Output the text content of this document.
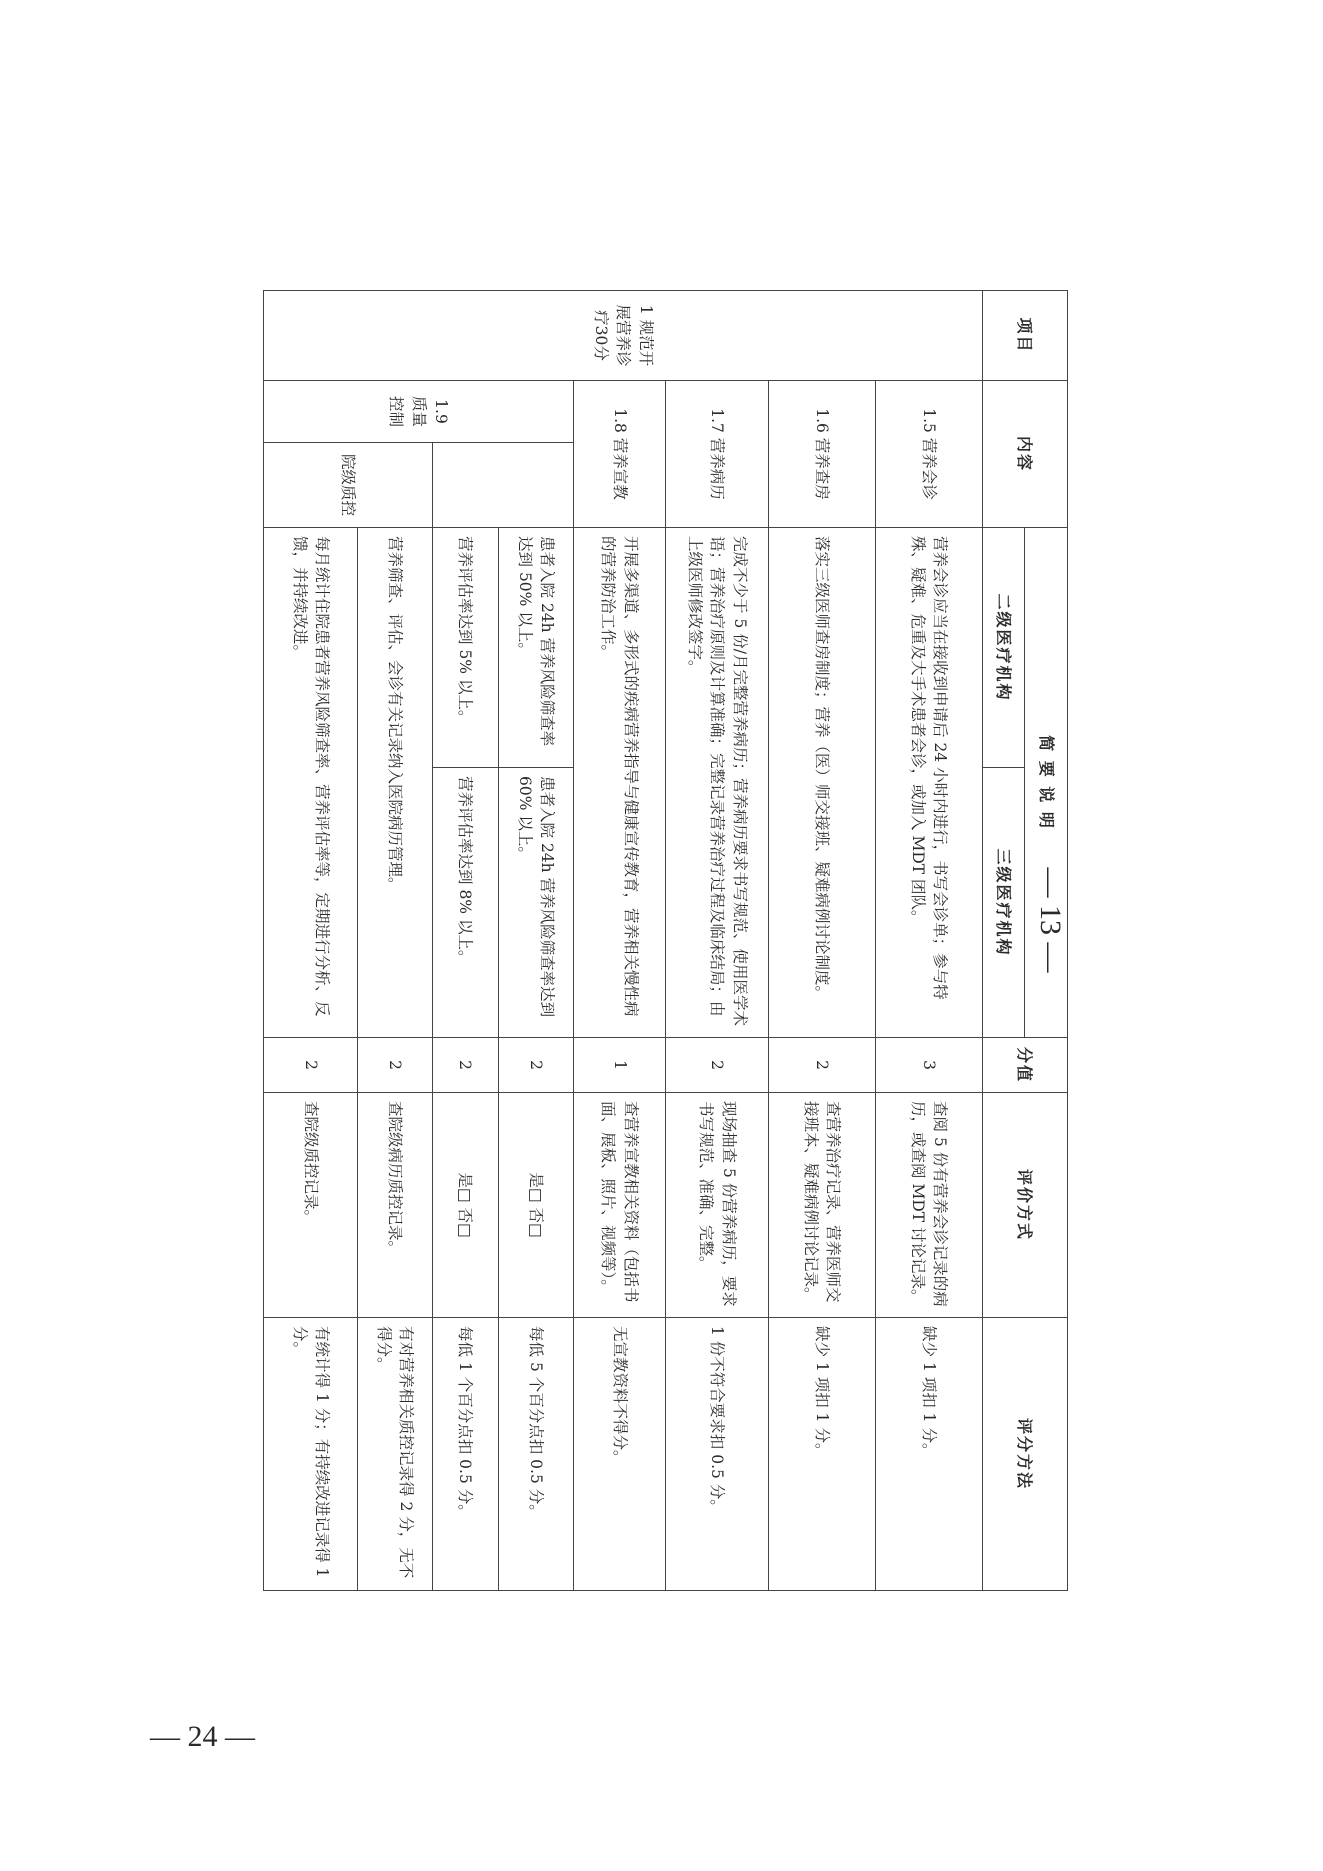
— 13 —
— 24 —
项目	内容		简 要 说 明		分值	评价方式	评分方法
			二级医疗机构	三级医疗机构			
1 规范开展营养诊疗30分	1.5 营养会诊		营养会诊应当在接收到申请后 24 小时内进行，书写会诊单；参与特殊、疑难、危重及大手术患者会诊，或加入 MDT 团队。		3	查阅 5 份有营养会诊记录的病历，或查阅 MDT 讨论记录。	缺少 1 项扣 1 分。
	1.6 营养查房		落实三级医师查房制度；营养（医）师交接班、疑难病例讨论制度。		2	查营养治疗记录、营养医师交接班本、疑难病例讨论记录。	缺少 1 项扣 1 分。
	1.7 营养病历		完成不少于 5 份/月完整营养病历；营养病历要求书写规范、使用医学术语；营养治疗原则及计算准确；完整记录营养治疗过程及临床结局；由上级医师修改签字。		2	现场抽查 5 份营养病历，要求书写规范、准确、完整。	1 份不符合要求扣 0.5 分。
	1.8 营养宣教		开展多渠道、多形式的疾病营养指导与健康宣传教育，营养相关慢性病的营养防治工作。		1	查营养宣教相关资料（包括书面、展板、照片、视频等）。	无宣教资料不得分。
	1.9 质量控制		患者入院 24h 营养风险筛查率达到 50% 以上。	患者入院 24h 营养风险筛查率达到 60% 以上。	2	是□ 否□	每低 5 个百分点扣 0.5 分。
			营养评估率达到 5% 以上。	营养评估率达到 8% 以上。	2	是□ 否□	每低 1 个百分点扣 0.5 分。
		院级质控	营养筛查、评估、会诊有关记录纳入医院病历管理。		2	查院级病历质控记录。	有对营养相关质控记录得 2 分，无不得分。
			每月统计住院患者营养风险筛查率、营养评估率等，定期进行分析、反馈，并持续改进。		2	查院级质控记录。	有统计得 1 分；有持续改进记录得 1 分。
